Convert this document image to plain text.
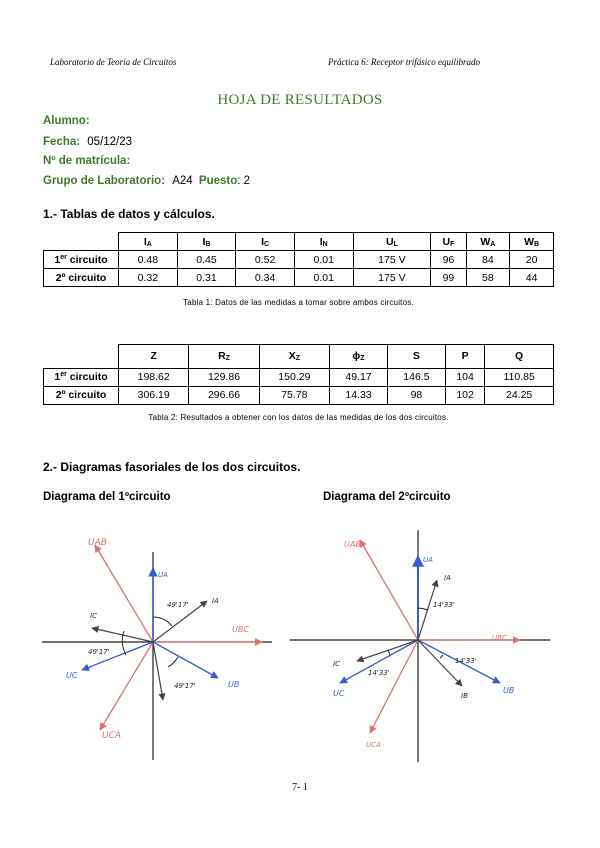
Laboratorio de Teoría de Circuitos	Práctica 6: Receptor trifásico equilibrado
HOJA DE RESULTADOS
Alumno:
Fecha: 05/12/23
Nº de matrícula:
Grupo de Laboratorio: A24 Puesto: 2
1.- Tablas de datos y cálculos.
	IA	IB	IC	IN	UL	UF	WA	WB
1er circuito	0.48	0.45	0.52	0.01	175 V	96	84	20
2º circuito	0.32	0.31	0.34	0.01	175 V	99	58	44
Tabla 1: Datos de las medidas a tomar sobre ambos circuitos.
	Z	RZ	XZ	ϕZ	S	P	Q
1er circuito	198.62	129.86	150.29	49.17	146.5	104	110.85
2º circuito	306.19	296.66	75.78	14.33	98	102	24.25
Tabla 2: Resultados a obtener con los datos de las medidas de los dos circuitos.
2.- Diagramas fasoriales de los dos circuitos.
Diagrama del 1ºcircuito	Diagrama del 2ºcircuito
UAB
UA
IA
49'17'
UBC
IC
49'17'
UC
49'17'	UB
UCA
UAB
UA
IA
14'33'
UBC
IC
14'33'
UC
14'33'
IB
UB
UCA
7- 1
